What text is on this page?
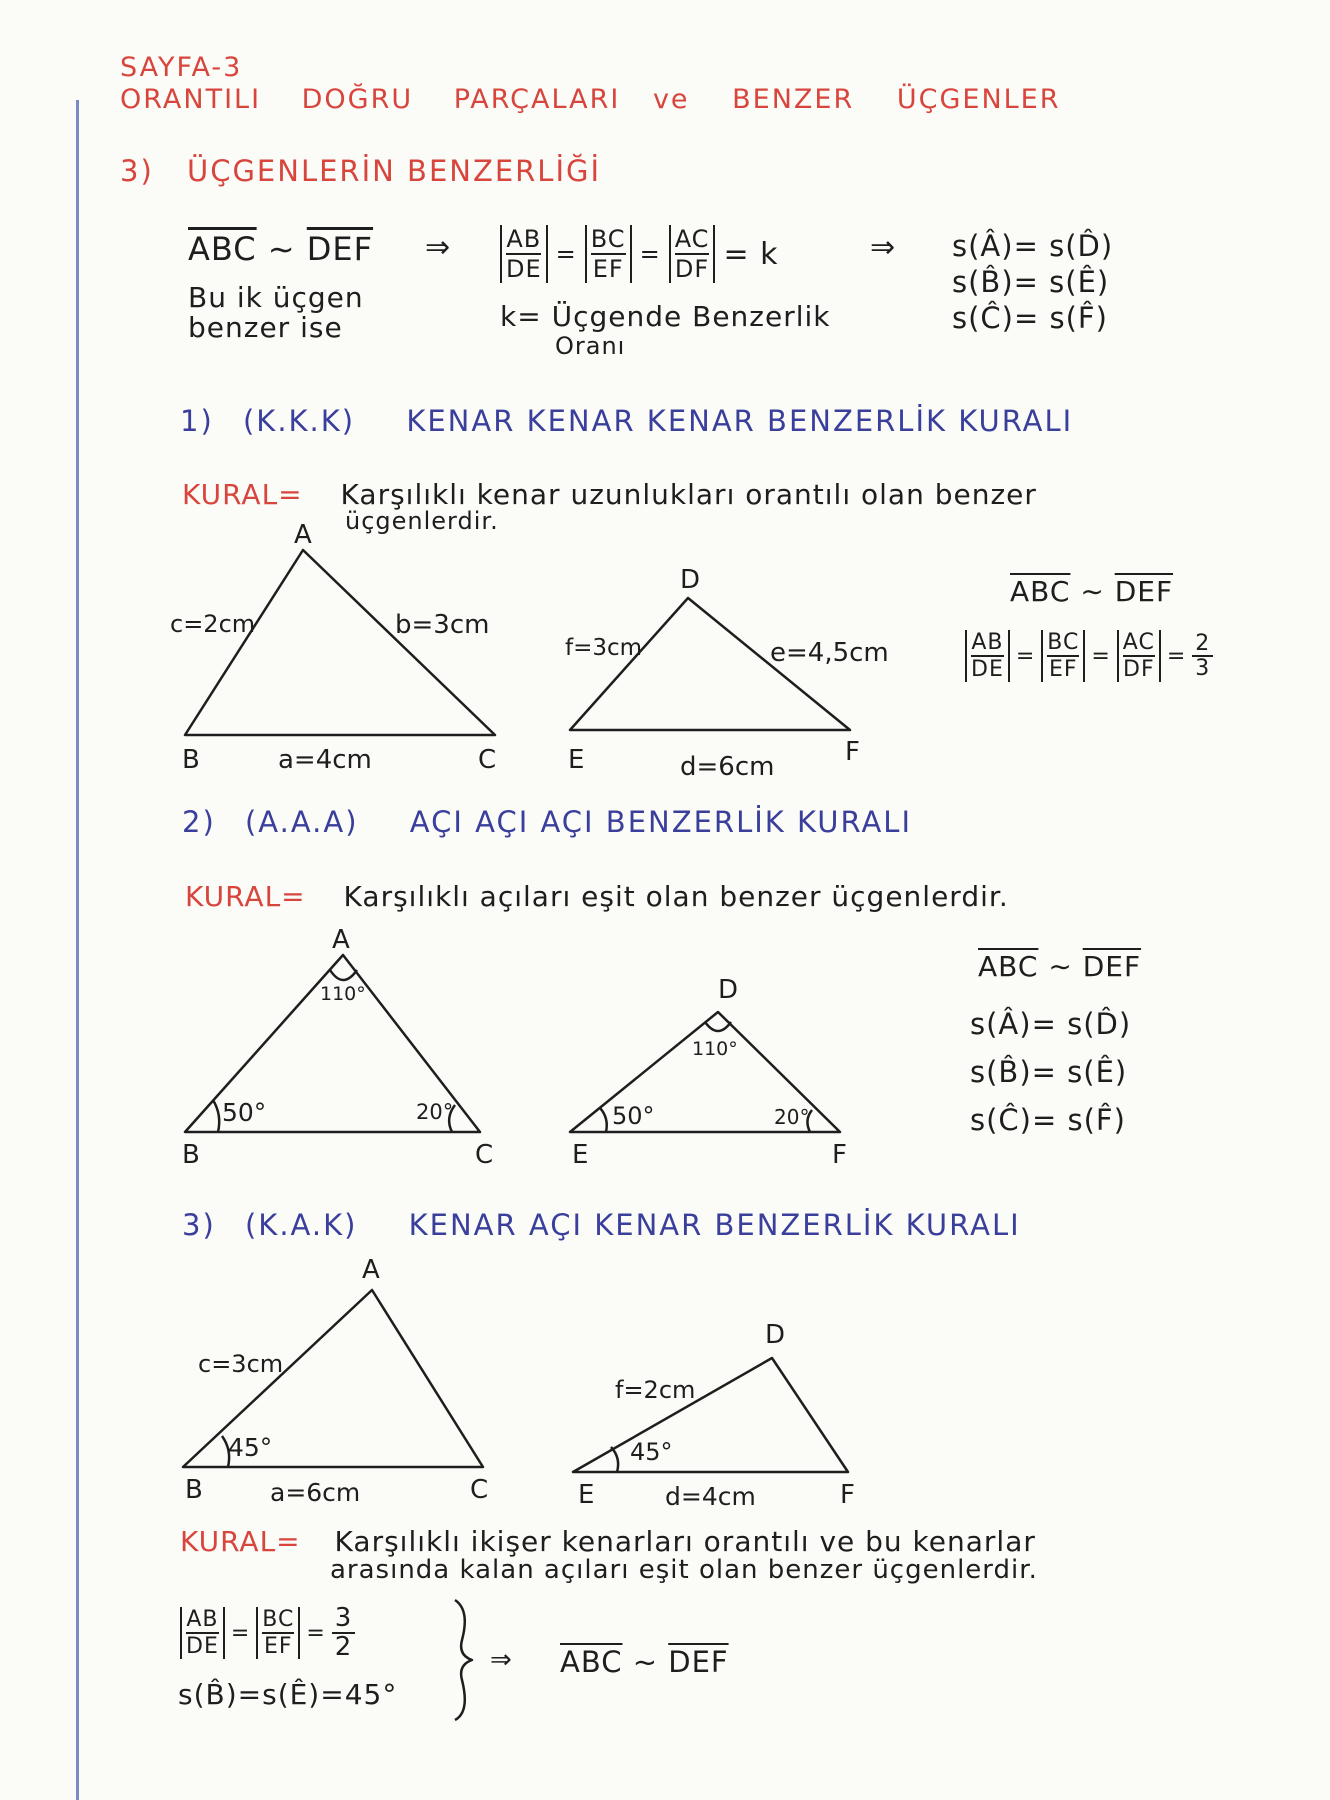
SAYFA-3
ORANTILI DOĞRU PARÇALARI ve BENZER ÜÇGENLER
3) ÜÇGENLERİN BENZERLİĞİ
$\overline{ABC}$ ∼ $\overline{DEF}$
Bu ik üçgen
benzer ise
⇒ $\frac{AB}{DE} = \frac{BC}{EF} = \frac{AC}{DF} = k$	⇒
k= Üçgende Benzerlik
Oranı
s(Â)= s(D̂)
s(B̂)= s(Ê)
s(Ĉ)= s(F̂)
1) (K.K.K) KENAR KENAR KENAR BENZERLİK KURALI
KURAL= Karşılıklı kenar uzunlukları orantılı olan benzer
üçgenlerdir.
A
B	C
c=2cm	b=3cm
a=4cm
D
E	F
f=3cm	e=4,5cm
d=6cm
$\overline{ABC}$ ∼ $\overline{DEF}$
$\frac{AB}{DE} = \frac{BC}{EF} = \frac{AC}{DF} = \frac{2}{3}$
2) (A.A.A) AÇI AÇI AÇI BENZERLİK KURALI
KURAL= Karşılıklı açıları eşit olan benzer üçgenlerdir.
A
B	C
110°
50°	20°
D
E	F
110°
50°	20°
$\overline{ABC}$ ∼ $\overline{DEF}$
s(Â)= s(D̂)
s(B̂)= s(Ê)
s(Ĉ)= s(F̂)
3) (K.A.K) KENAR AÇI KENAR BENZERLİK KURALI
A
B	C
c=3cm
a=6cm
45°
D
E	F
f=2cm
d=4cm
45°
KURAL= Karşılıklı ikişer kenarları orantılı ve bu kenarlar
arasında kalan açıları eşit olan benzer üçgenlerdir.
$\frac{AB}{DE} = \frac{BC}{EF} = \frac{3}{2}$
s(B̂)=s(Ê)=45°
⇒ $\overline{ABC}$ ∼ $\overline{DEF}$
